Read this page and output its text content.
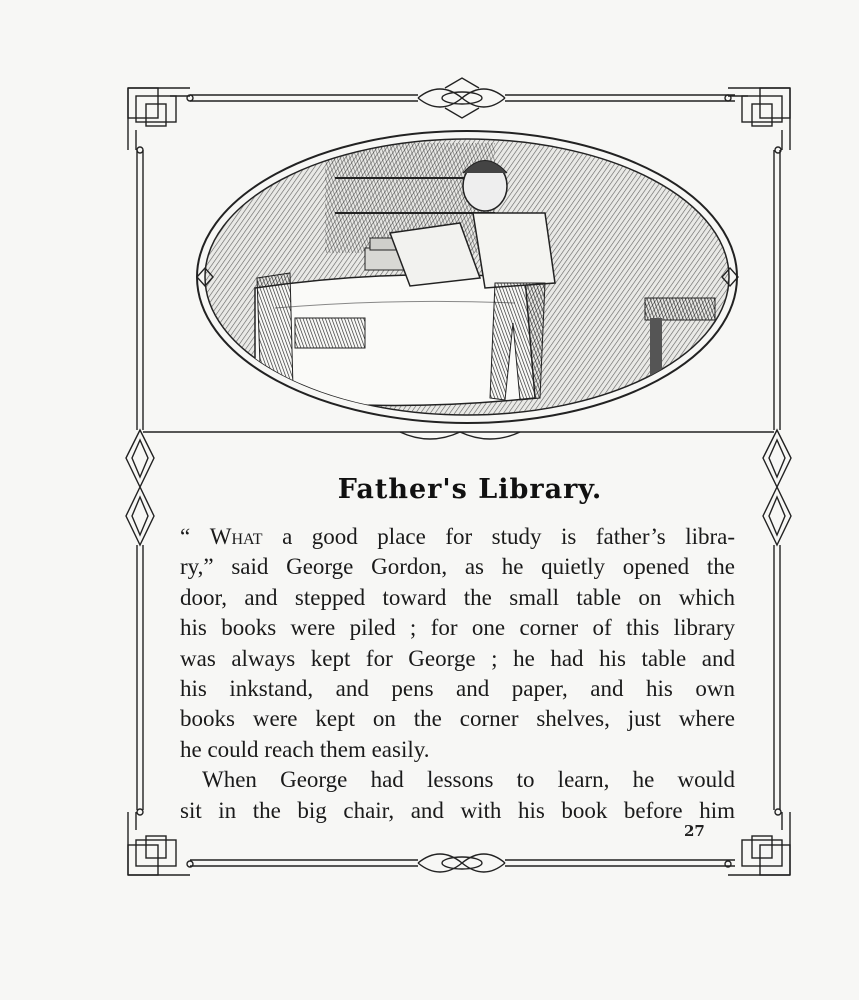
Father's Library.
“ What a good place for study is father’s libra-
ry,” said George Gordon, as he quietly opened the
door, and stepped toward the small table on which
his books were piled ; for one corner of this library
was always kept for George ; he had his table and
his inkstand, and pens and paper, and his own
books were kept on the corner shelves, just where
he could reach them easily.
When George had lessons to learn, he would
sit in the big chair, and with his book before him
27
